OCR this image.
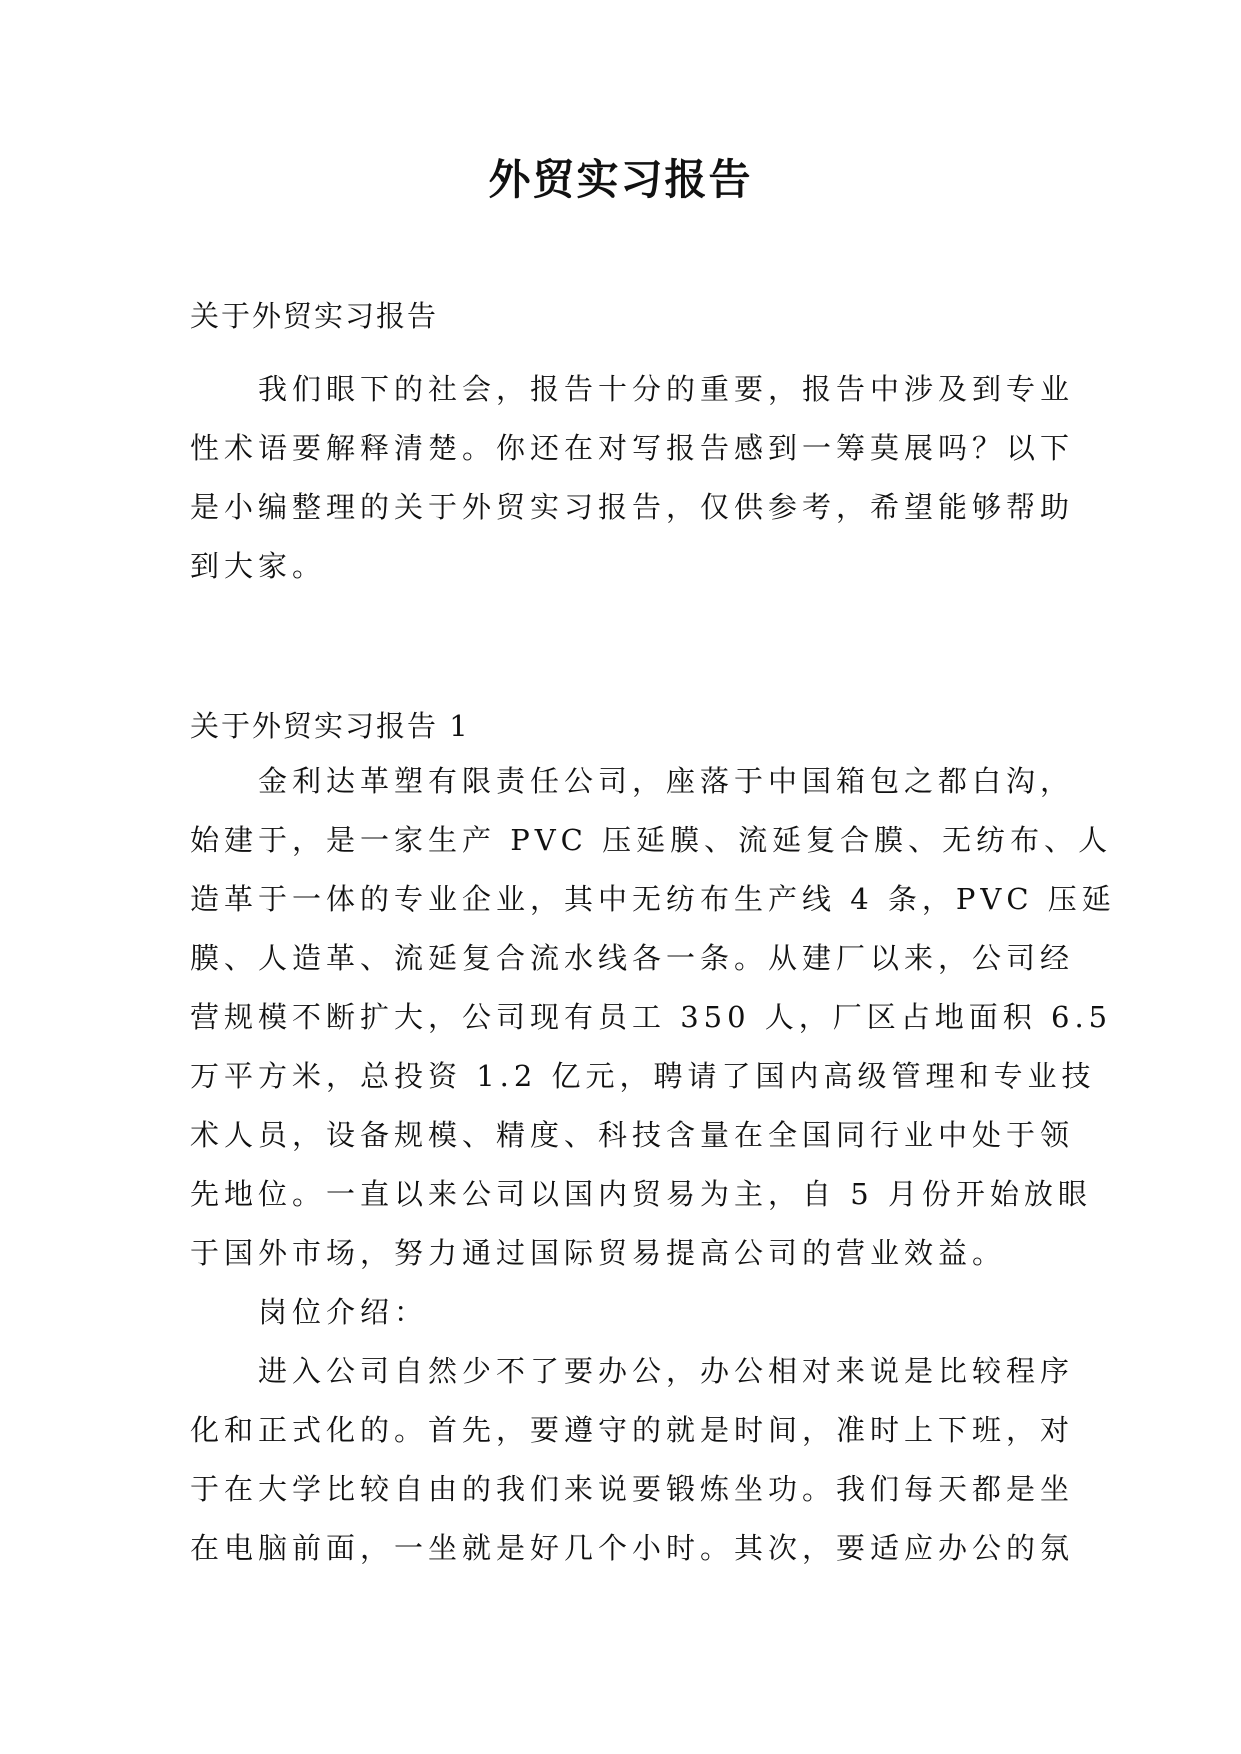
外贸实习报告
关于外贸实习报告
我们眼下的社会，报告十分的重要，报告中涉及到专业
性术语要解释清楚。你还在对写报告感到一筹莫展吗？以下
是小编整理的关于外贸实习报告，仅供参考，希望能够帮助
到大家。
关于外贸实习报告 1
金利达革塑有限责任公司，座落于中国箱包之都白沟，
始建于，是一家生产 PVC 压延膜、流延复合膜、无纺布、人
造革于一体的专业企业，其中无纺布生产线 4 条，PVC 压延
膜、人造革、流延复合流水线各一条。从建厂以来，公司经
营规模不断扩大，公司现有员工 350 人，厂区占地面积 6.5
万平方米，总投资 1.2 亿元，聘请了国内高级管理和专业技
术人员，设备规模、精度、科技含量在全国同行业中处于领
先地位。一直以来公司以国内贸易为主，自 5 月份开始放眼
于国外市场，努力通过国际贸易提高公司的营业效益。
岗位介绍：
进入公司自然少不了要办公，办公相对来说是比较程序
化和正式化的。首先，要遵守的就是时间，准时上下班，对
于在大学比较自由的我们来说要锻炼坐功。我们每天都是坐
在电脑前面，一坐就是好几个小时。其次，要适应办公的氛
